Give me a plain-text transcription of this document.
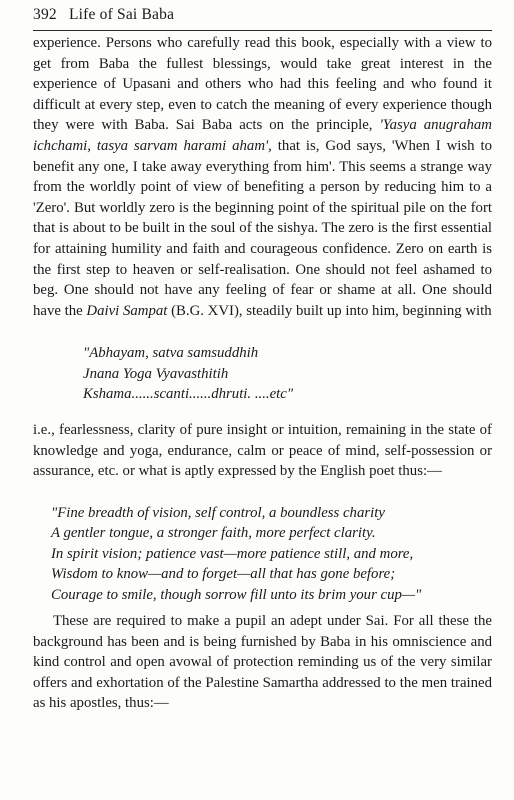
392 Life of Sai Baba
experience. Persons who carefully read this book, especially with a view to get from Baba the fullest blessings, would take great interest in the experience of Upasani and others who had this feeling and who found it difficult at every step, even to catch the meaning of every experience though they were with Baba. Sai Baba acts on the principle, 'Yasya anugraham ichchami, tasya sarvam harami aham', that is, God says, 'When I wish to benefit any one, I take away everything from him'. This seems a strange way from the worldly point of view of benefiting a person by reducing him to a 'Zero'. But worldly zero is the beginning point of the spiritual pile on the fort that is about to be built in the soul of the sishya. The zero is the first essential for attaining humility and faith and courageous confidence. Zero on earth is the first step to heaven or self-realisation. One should not feel ashamed to beg. One should not have any feeling of fear or shame at all. One should have the Daivi Sampat (B.G. XVI), steadily built up into him, beginning with
"Abhayam, satva samsuddhih
Jnana Yoga Vyavasthitih
Kshama......scanti......dhruti. ....etc"
i.e., fearlessness, clarity of pure insight or intuition, remaining in the state of knowledge and yoga, endurance, calm or peace of mind, self-possession or assurance, etc. or what is aptly expressed by the English poet thus:—
"Fine breadth of vision, self control, a boundless charity
A gentler tongue, a stronger faith, more perfect clarity.
In spirit vision; patience vast—more patience still, and more,
Wisdom to know—and to forget—all that has gone before;
Courage to smile, though sorrow fill unto its brim your cup—"
These are required to make a pupil an adept under Sai. For all these the background has been and is being furnished by Baba in his omniscience and kind control and open avowal of protection reminding us of the very similar offers and exhortation of the Palestine Samartha addressed to the men trained as his apostles, thus:—
